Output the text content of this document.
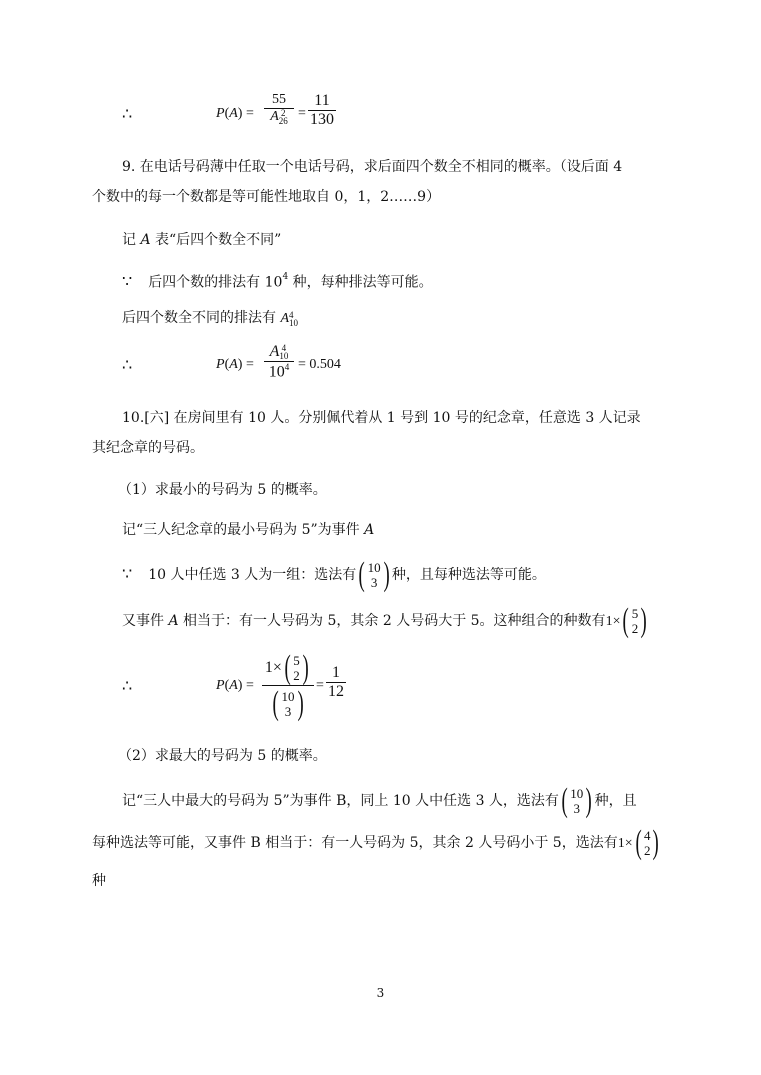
∴	P(A) =
55
A 2
26 =
11
130
9. 在电话号码薄中任取一个电话号码，求后面四个数全不相同的概率。（设后面 4
个数中的每一个数都是等可能性地取自 0，1，2……9）
记 A 表“后四个数全不同”
∵ 后四个数的排法有 $10^4$ 种，每种排法等可能。
后四个数全不同的排法有 A 4
10
∴	P(A) =
A 4
10
$10^4 = 0.504$
10.[六] 在房间里有 10 人。分别佩代着从 1 号到 10 号的纪念章，任意选 3 人记录
其纪念章的号码。
（1）求最小的号码为 5 的概率。
记“三人纪念章的最小号码为 5”为事件 A
∵ 10 人中任选 3 人为一组：选法有 ( 10
3 ) 种，且每种选法等可能。
又事件 A 相当于：有一人号码为 5，其余 2 人号码大于 5。这种组合的种数有1× ( 5
2 )
∴	P(A) =
1× ( 5
2 )
( 10
3 ) =
1
12
（2）求最大的号码为 5 的概率。
记“三人中最大的号码为 5”为事件 B，同上 10 人中任选 3 人，选法有 ( 10
3 ) 种，且
每种选法等可能，又事件 B 相当于：有一人号码为 5，其余 2 人号码小于 5，选法有1× ( 4
2 )
种
3
